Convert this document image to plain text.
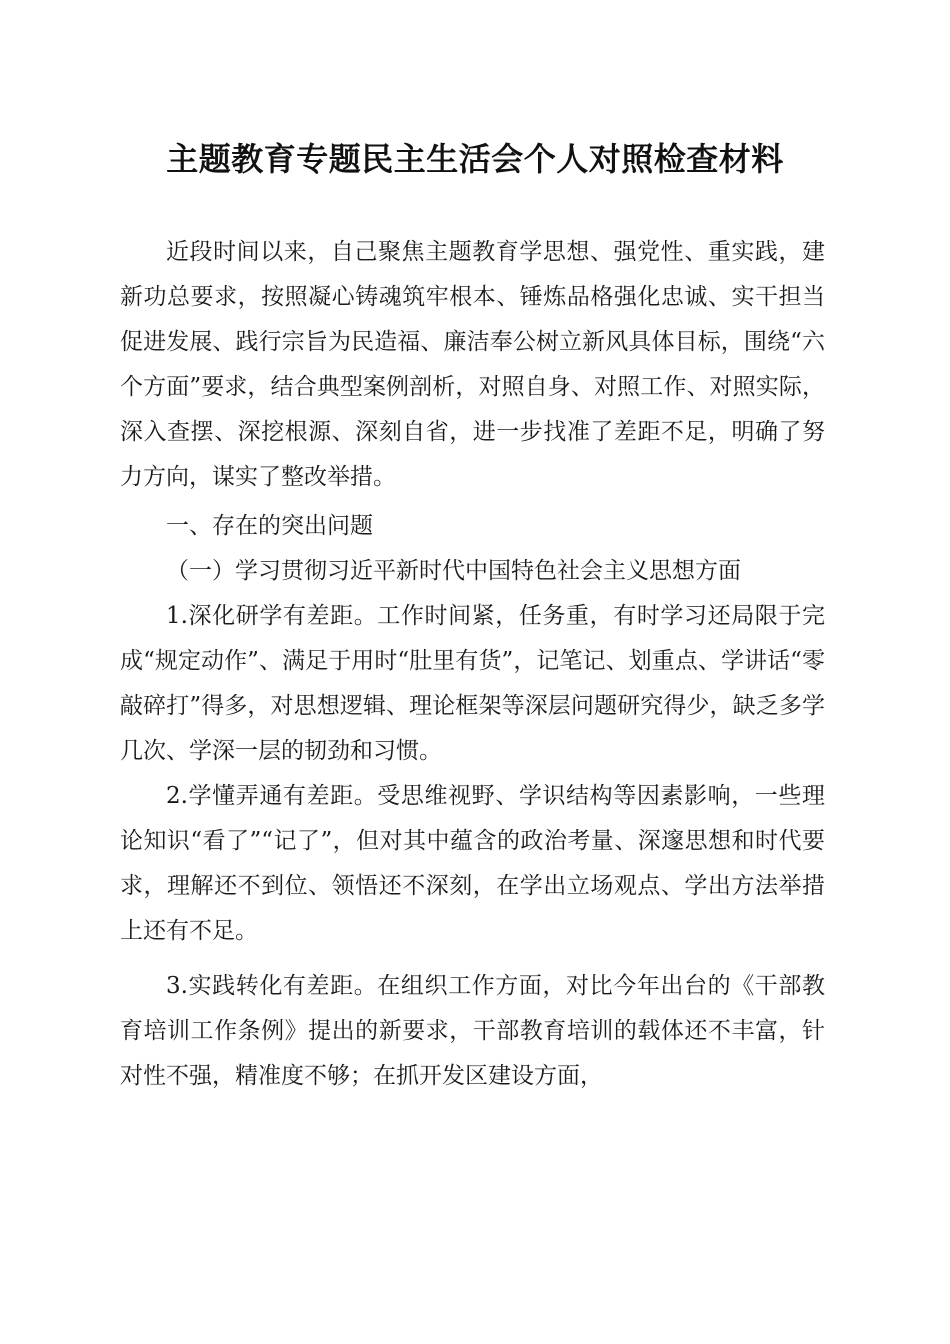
主题教育专题民主生活会个人对照检查材料

近段时间以来，自己聚焦主题教育学思想、强党性、重实践，建新功总要求，按照凝心铸魂筑牢根本、锤炼品格强化忠诚、实干担当促进发展、践行宗旨为民造福、廉洁奉公树立新风具体目标，围绕“六个方面”要求，结合典型案例剖析，对照自身、对照工作、对照实际，深入查摆、深挖根源、深刻自省，进一步找准了差距不足，明确了努力方向，谋实了整改举措。

一、存在的突出问题

（一）学习贯彻习近平新时代中国特色社会主义思想方面

1.深化研学有差距。工作时间紧，任务重，有时学习还局限于完成“规定动作”、满足于用时“肚里有货”，记笔记、划重点、学讲话“零敲碎打”得多，对思想逻辑、理论框架等深层问题研究得少，缺乏多学几次、学深一层的韧劲和习惯。

2.学懂弄通有差距。受思维视野、学识结构等因素影响，一些理论知识“看了”“记了”，但对其中蕴含的政治考量、深邃思想和时代要求，理解还不到位、领悟还不深刻，在学出立场观点、学出方法举措上还有不足。

3.实践转化有差距。在组织工作方面，对比今年出台的《干部教育培训工作条例》提出的新要求，干部教育培训的载体还不丰富，针对性不强，精准度不够；在抓开发区建设方面，
